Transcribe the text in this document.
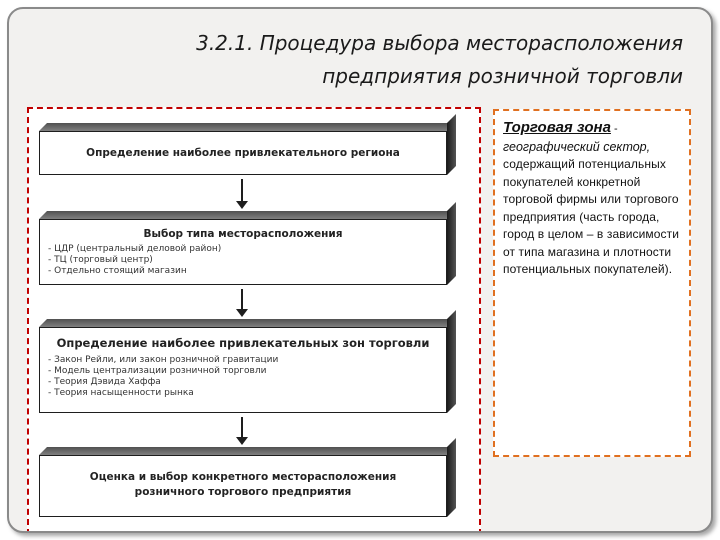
3.2.1. Процедура выбора месторасположения
предприятия розничной торговли
Определение наиболее привлекательного региона
Выбор типа месторасположения
- ЦДР (центральный деловой район)
- ТЦ (торговый центр)
- Отдельно стоящий магазин
Определение наиболее привлекательных зон торговли
- Закон Рейли, или закон розничной гравитации
- Модель централизации розничной торговли
- Теория Дэвида Хаффа
- Теория насыщенности рынка
Оценка и выбор конкретного месторасположения
розничного торгового предприятия
Торговая зона -
географический сектор,
содержащий потенциальных покупателей конкретной торговой фирмы или торгового предприятия (часть города, город в целом – в зависимости от типа магазина и плотности потенциальных покупателей).
